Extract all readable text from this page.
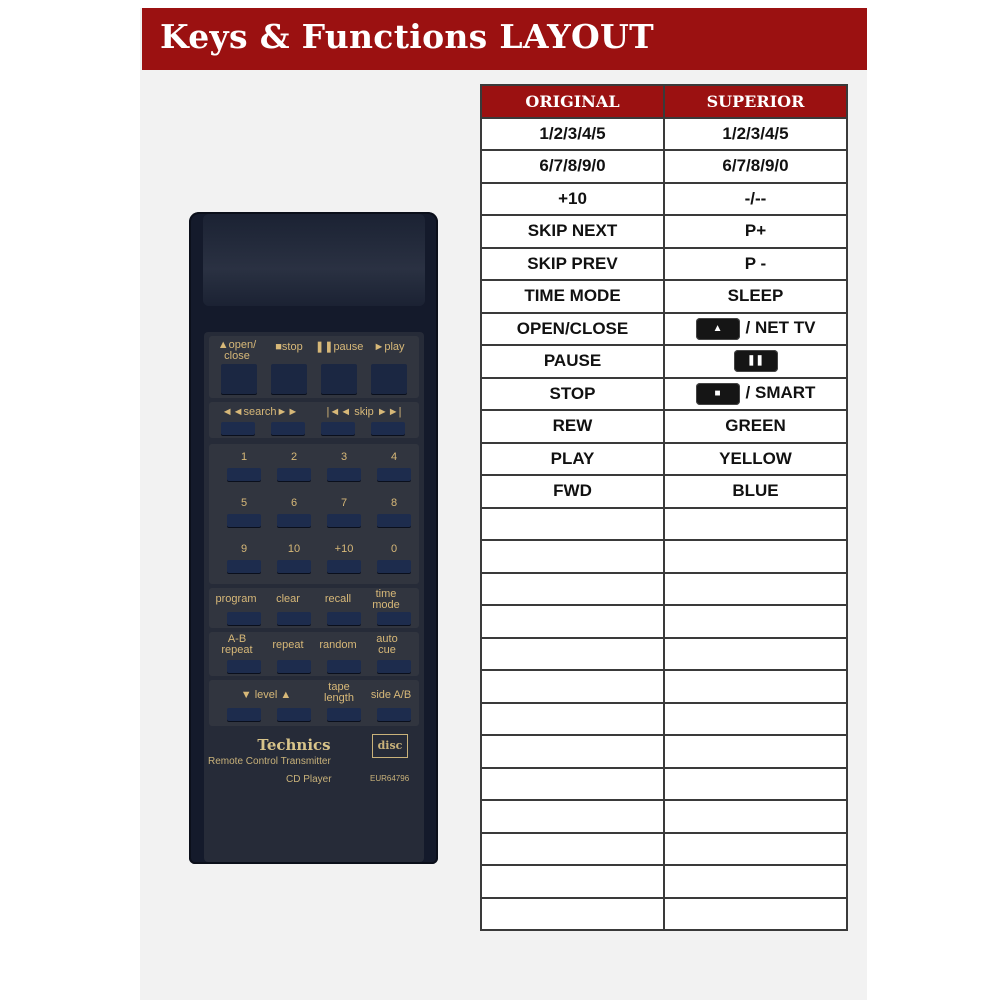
Keys & Functions LAYOUT
▲open/ close
■stop	❚❚pause ►play
◄◄search►►	|◄◄ skip ►►|
1	2	3	4
5	6	7	8
9	10	+10	0
program	clear	recall	time mode
A-B repeat	repeat	random	auto cue
▼ level ▲
tape length	side A/B
Technics
Remote Control Transmitter
CD Player	EUR64796
disc
ORIGINAL	SUPERIOR
1/2/3/4/5	1/2/3/4/5
6/7/8/9/0	6/7/8/9/0
+10	-/--
SKIP NEXT	P+
SKIP PREV	P -
TIME MODE	SLEEP
OPEN/CLOSE	▲ / NET TV
PAUSE	❚❚

STOP	■ / SMART
REW	GREEN
PLAY	YELLOW
FWD	BLUE
